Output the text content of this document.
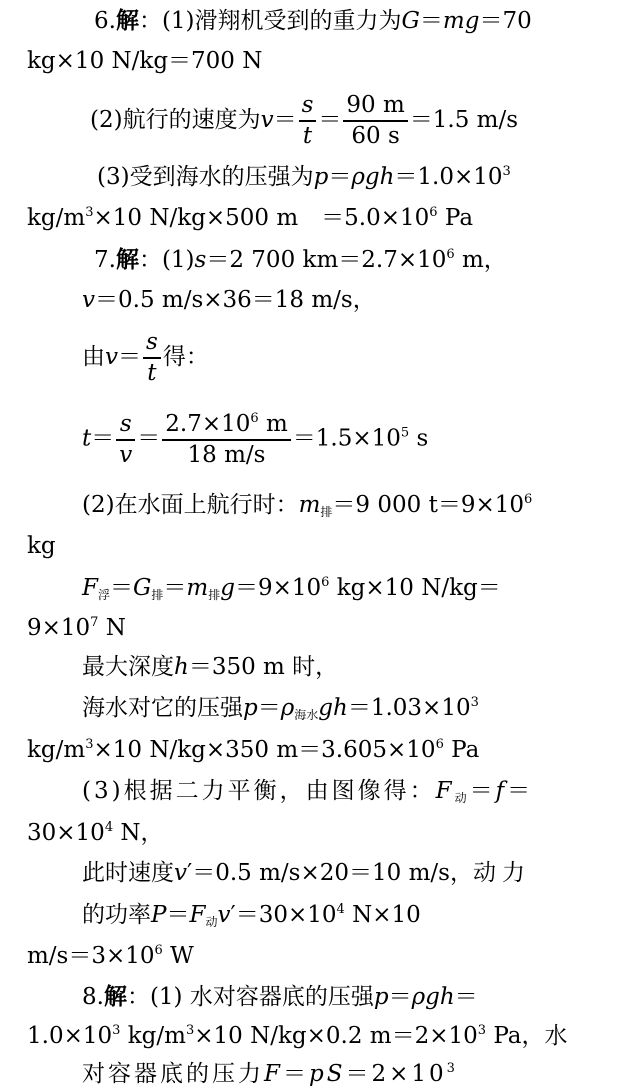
6.解：(1)滑翔机受到的重力为G＝mg＝70
kg×10 N/kg＝700 N
(2)航行的速度为$v= \frac{s}{t} = \frac{90 m}{60 s} =1.5$ m/s
(3)受到海水的压强为$p=\rho gh=1.0\times 10^3$
$kg/m^3\times 10$ N/kg×500 m　$=5.0\times 10^6$ Pa
7.解：(1)s＝2 700 $km=2.7\times 10^6$ m，
v＝0.5 m/s×36＝18 m/s，
由$v= \frac{s}{t}$ 得：
$t= \frac{s}{v} = \frac{2.7\times 10^6 m}{18 m/s} =1.5\times 10^5$ s
(2)在水面上航行时：$m_排=9$ 000 $t=9\times 10^6$
kg
$F_浮=G_排=m_排g=9\times 10^6$ kg×10 N/kg＝
$9\times 10^7$ N
最大深度h＝350 m 时，
海水对它的压强$p=\rho_{海水}gh=1.03\times 10^3$
$kg/m^3\times 10$ N/kg×350 $m=3.605\times 10^6$ Pa
(3)根据二力平衡，由图像得：$F_动=f=$
$30\times 10^4$ N，
此时速度v′＝0.5 m/s×20＝10 m/s，动力
的功率$P=F_动v'=30\times 10^4$ N×10
$m/s=3\times 10^6$ W
8.解：(1) 水对容器底的压强p＝ρgh＝
$1.0\times 10^3$ $kg/m^3\times 10$ N/kg×0.2 $m=2\times 10^3$ Pa，水
对容器底的压力$F=pS=2\times 10^3$
